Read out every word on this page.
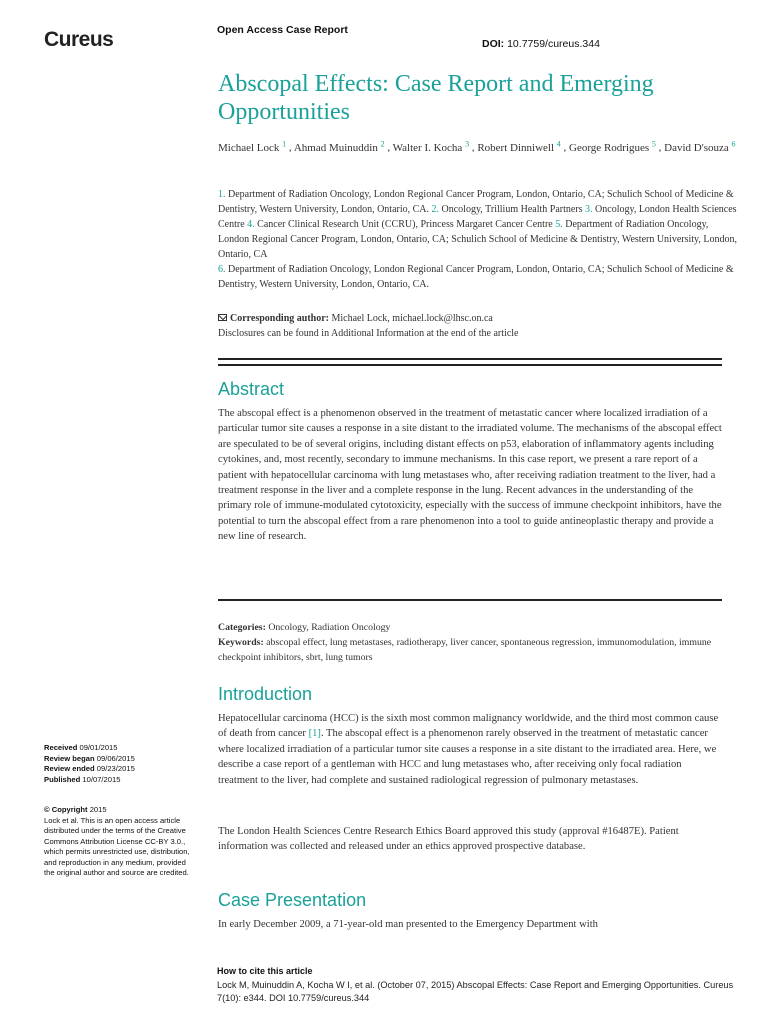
Cureus	Open Access Case Report
DOI: 10.7759/cureus.344
Abscopal Effects: Case Report and Emerging Opportunities
Michael Lock $^1$ , Ahmad Muinuddin $^2$ , Walter I. Kocha $^3$ , Robert Dinniwell $^4$ , George Rodrigues $^5$ , David D'souza $^6$
1. Department of Radiation Oncology, London Regional Cancer Program, London, Ontario, CA; Schulich School of Medicine & Dentistry, Western University, London, Ontario, CA. 2. Oncology, Trillium Health Partners 3. Oncology, London Health Sciences Centre 4. Cancer Clinical Research Unit (CCRU), Princess Margaret Cancer Centre 5. Department of Radiation Oncology, London Regional Cancer Program, London, Ontario, CA; Schulich School of Medicine & Dentistry, Western University, London, Ontario, CA
6. Department of Radiation Oncology, London Regional Cancer Program, London, Ontario, CA; Schulich School of Medicine & Dentistry, Western University, London, Ontario, CA.
Corresponding author: Michael Lock, michael.lock@lhsc.on.ca
Disclosures can be found in Additional Information at the end of the article
Abstract

The abscopal effect is a phenomenon observed in the treatment of metastatic cancer where localized irradiation of a particular tumor site causes a response in a site distant to the irradiated volume. The mechanisms of the abscopal effect are speculated to be of several origins, including distant effects on p53, elaboration of inflammatory agents including cytokines, and, most recently, secondary to immune mechanisms. In this case report, we present a rare report of a patient with hepatocellular carcinoma with lung metastases who, after receiving radiation treatment to the liver, had a treatment response in the liver and a complete response in the lung. Recent advances in the understanding of the primary role of immune-modulated cytotoxicity, especially with the success of immune checkpoint inhibitors, have the potential to turn the abscopal effect from a rare phenomenon into a tool to guide antineoplastic therapy and provide a new line of research.

Categories: Oncology, Radiation Oncology
Keywords: abscopal effect, lung metastases, radiotherapy, liver cancer, spontaneous regression, immunomodulation, immune checkpoint inhibitors, sbrt, lung tumors
Introduction

Hepatocellular carcinoma (HCC) is the sixth most common malignancy worldwide, and the third most common cause of death from cancer [1]. The abscopal effect is a phenomenon rarely observed in the treatment of metastatic cancer where localized irradiation of a particular tumor site causes a response in a site distant to the irradiated area. Here, we describe a case report of a gentleman with HCC and lung metastases who, after receiving only focal radiation treatment to the liver, had complete and sustained radiological regression of pulmonary metastases.

The London Health Sciences Centre Research Ethics Board approved this study (approval #16487E). Patient information was collected and released under an ethics approved prospective database.

Case Presentation

In early December 2009, a 71-year-old man presented to the Emergency Department with

Received 09/01/2015
Review began 09/06/2015
Review ended 09/23/2015
Published 10/07/2015
© Copyright 2015
Lock et al. This is an open access article distributed under the terms of the Creative Commons Attribution License CC-BY 3.0., which permits unrestricted use, distribution, and reproduction in any medium, provided the original author and source are credited.
How to cite this article
Lock M, Muinuddin A, Kocha W I, et al. (October 07, 2015) Abscopal Effects: Case Report and Emerging Opportunities. Cureus 7(10): e344. DOI 10.7759/cureus.344
